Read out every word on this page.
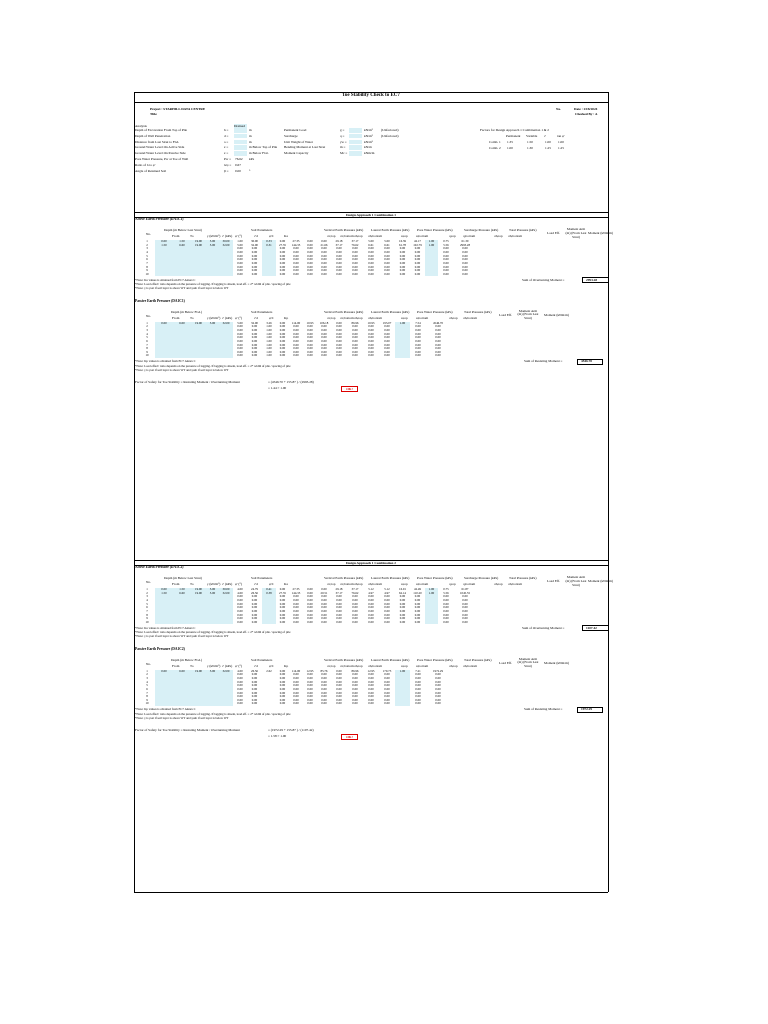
Toe Stability Check to EC7
Project : STARHILL DATA CENTRE
Title
No.	Date : 23/8/2024
Checked By : A
Analysis	Drained
Depth of Excavation From Top of Pile	h =	m
Depth of Wall Penetration	d =	m
Distance from Last Strut to FGL	a =	m
Ground Water Level On Active Side	z =	m Below Top of Pile
Ground Water Level On Passive Side	z =	m Below FGL
Pore Water Pressure, Pw at Toe of Wall	Pw = 76.62 kPa
Ratio of δ to φ'	δ/φ = 0.67
Angle of Retained Soil	β = 0.00 °
Permanent Load	g =	kN/m² (Unfactored)
Surcharge	q =	kN/m² (Unfactored)
Unit Weight of Water	γw =	kN/m³
Bending Moment at Last Strut	m =	kN/m
Moment Capacity	Mc =	kNm/m
Factors for Design Approach 1 Combination 1 & 2
Permanent Variable c'	tan φ'
Comb. 1 1.35	1.50	1.00 1.00
Comb. 2 1.00	1.30	1.25 1.25
Design Approach 1 Combination 1
Active Earth Pressure (DA1C1)
Depth (m Below Last Strut)	Soil Parameters	Vertical Earth Pressure (kPa) Lateral Earth Pressure (kPa) Pore Water Pressure (kPa)	Surcharge Pressure (kPa)	Total Pressure (kPa)
Load Eff.
Moment Arm (m) (From Last Strut)
Moment (kNm/m)
No.	From	To	γ (kN/m³) c' (kPa) φ' (°)	c'd	φ'd	Ka	σv,top σv,bottom σh,top σh,bottom	u,top u,bottom	q,top q,bottom	σh,top σh,bottom
1	0.00	1.50	19.00	5.00	30.00	1.00	30.00	0.33	0.00	27.35	0.00	0.00	29.18	37.17	5.00	5.00	16.39	42.17	1.00	0.75	61.30
2	1.50	6.60	19.00	5.00	32.00	5.00	32.00	0.31	27.35	144.35	0.00	21.66	37.17	76.62	6.61	6.61	61.78	102.79	1.00	5.56	2993.28
3						0.00	0.00		0.00	0.00	0.00	0.00	0.00	0.00	0.00	0.00	0.00	0.00		0.00	0.00
4						0.00	0.00		0.00	0.00	0.00	0.00	0.00	0.00	0.00	0.00	0.00	0.00		0.00	0.00
5						0.00	0.00		0.00	0.00	0.00	0.00	0.00	0.00	0.00	0.00	0.00	0.00		0.00	0.00
6						0.00	0.00		0.00	0.00	0.00	0.00	0.00	0.00	0.00	0.00	0.00	0.00		0.00	0.00
7						0.00	0.00		0.00	0.00	0.00	0.00	0.00	0.00	0.00	0.00	0.00	0.00		0.00	0.00
8						0.00	0.00		0.00	0.00	0.00	0.00	0.00	0.00	0.00	0.00	0.00	0.00		0.00	0.00
9						0.00	0.00		0.00	0.00	0.00	0.00	0.00	0.00	0.00	0.00	0.00	0.00		0.00	0.00
10						0.00	0.00		0.00	0.00	0.00	0.00	0.00	0.00	0.00	0.00	0.00	0.00		0.00	0.00
*Note: Ka values is obtained from EC7 Annex C
*Note: Load effect/ ratio depends on the presence of lagging. If lagging is absent, load eff. = 2* width of pile / spacing of pile
*Note: γ is γsat if soil layer is above WT and γsub if soil layer is below WT
Sum of Overturning Moment =	2993.28
Passive Earth Pressure (DA1C1)
Depth (m Below FGL)	Soil Parameters	Vertical Earth Pressure (kPa) Lateral Earth Pressure (kPa) Pore Water Pressure (kPa)	Total Pressure (kPa)
Load Eff.
Moment Arm (m) (From Last Strut)
Moment (kNm/m)
No.	From	To	γ (kN/m³) c' (kPa) φ' (°)	c'd	φ'd	Kp	σv,top σv,bottom σh,top σh,bottom	u,top u,bottom	σh,top σh,bottom
1	0.00	6.00	19.00	5.00	32.00	5.00	32.00	3.26	0.00	114.00	10.93	106.18	0.00	86.96	10.93	193.07	1.00	7.54	4546.70
2						0.00	0.00	1.00	0.00	0.00	0.00	0.00	0.00	0.00	0.00	0.00		0.00	0.00
3						0.00	0.00	1.00	0.00	0.00	0.00	0.00	0.00	0.00	0.00	0.00		0.00	0.00
4						0.00	0.00	1.00	0.00	0.00	0.00	0.00	0.00	0.00	0.00	0.00		0.00	0.00
5						0.00	0.00	1.00	0.00	0.00	0.00	0.00	0.00	0.00	0.00	0.00		0.00	0.00
6						0.00	0.00	1.00	0.00	0.00	0.00	0.00	0.00	0.00	0.00	0.00		0.00	0.00
7						0.00	0.00	1.00	0.00	0.00	0.00	0.00	0.00	0.00	0.00	0.00		0.00	0.00
8						0.00	0.00	1.00	0.00	0.00	0.00	0.00	0.00	0.00	0.00	0.00		0.00	0.00
9						0.00	0.00	1.00	0.00	0.00	0.00	0.00	0.00	0.00	0.00	0.00		0.00	0.00
10						0.00	0.00	1.00	0.00	0.00	0.00	0.00	0.00	0.00	0.00	0.00		0.00	0.00
*Note: Kp values is obtained from EC7 Annex C
*Note: Load effect/ ratio depends on the presence of lagging. If lagging is absent, load eff. = 2* width of pile / spacing of pile
*Note: γ is γsat if soil layer is above WT and γsub if soil layer is below WT
Sum of Resisting Moment =	4546.70
Factor of Safety for Toe Stability = Resisting Moment / Overturning Moment	= (4546.70 + 155.87 ) / (2993.28)
= 1.44 > 1.00	OK!
Design Approach 1 Combination 2
Active Earth Pressure (DA1C2)
Depth (m Below Last Strut)	Soil Parameters	Vertical Earth Pressure (kPa) Lateral Earth Pressure (kPa) Pore Water Pressure (kPa)	Surcharge Pressure (kPa)	Total Pressure (kPa)
Load Eff.
Moment Arm (m) (From Last Strut)
Moment (kNm/m)
No.	From	To	γ (kN/m³) c' (kPa) φ' (°)	c'd	φ'd	Ka	σv,top σv,bottom σh,top σh,bottom	u,top u,bottom	q,top q,bottom	σh,top σh,bottom
1	0.00	1.50	19.00	5.00	30.00	4.00	24.79	0.41	0.00	27.35	0.00	0.00	29.18	37.17	5.12	5.12	16.91	42.49	1.00	0.75	61.87
2	1.50	6.60	19.00	5.00	32.00	4.00	26.56	0.38	27.35	144.35	0.00	20.51	37.17	76.62	4.97	4.97	62.14	110.20	1.00	5.56	1045.55
3						0.00	0.00		0.00	0.00	0.00	0.00	0.00	0.00	0.00	0.00	0.00	0.00		0.00	0.00
4						0.00	0.00		0.00	0.00	0.00	0.00	0.00	0.00	0.00	0.00	0.00	0.00		0.00	0.00
5						0.00	0.00		0.00	0.00	0.00	0.00	0.00	0.00	0.00	0.00	0.00	0.00		0.00	0.00
6						0.00	0.00		0.00	0.00	0.00	0.00	0.00	0.00	0.00	0.00	0.00	0.00		0.00	0.00
7						0.00	0.00		0.00	0.00	0.00	0.00	0.00	0.00	0.00	0.00	0.00	0.00		0.00	0.00
8						0.00	0.00		0.00	0.00	0.00	0.00	0.00	0.00	0.00	0.00	0.00	0.00		0.00	0.00
9						0.00	0.00		0.00	0.00	0.00	0.00	0.00	0.00	0.00	0.00	0.00	0.00		0.00	0.00
10						0.00	0.00		0.00	0.00	0.00	0.00	0.00	0.00	0.00	0.00	0.00	0.00		0.00	0.00
*Note: Ka values is obtained from EC7 Annex C
*Note: Load effect/ ratio depends on the presence of lagging. If lagging is absent, load eff. = 2* width of pile / spacing of pile
*Note: γ is γsat if soil layer is above WT and γsub if soil layer is below WT
Sum of Overturning Moment =	1107.42
Passive Earth Pressure (DA1C2)
Depth (m Below FGL)	Soil Parameters	Vertical Earth Pressure (kPa) Lateral Earth Pressure (kPa) Pore Water Pressure (kPa)	Total Pressure (kPa)
Load Eff.
Moment Arm (m) (From Last Strut)
Moment (kNm/m)
No.	From	To	γ (kN/m³) c' (kPa) φ' (°)	c'd	φ'd	Kp	σv,top σv,bottom σh,top σh,bottom	u,top u,bottom	σh,top σh,bottom
1	0.00	6.00	19.00	5.00	32.00	4.00	26.56	2.62	0.00	114.00	12.95	85.76	0.00	86.96	12.95	170.73	1.00	7.21	1972.29
2						0.00	0.00		0.00	0.00	0.00	0.00	0.00	0.00	0.00	0.00		0.00	0.00
3						0.00	0.00		0.00	0.00	0.00	0.00	0.00	0.00	0.00	0.00		0.00	0.00
4						0.00	0.00		0.00	0.00	0.00	0.00	0.00	0.00	0.00	0.00		0.00	0.00
5						0.00	0.00		0.00	0.00	0.00	0.00	0.00	0.00	0.00	0.00		0.00	0.00
6						0.00	0.00		0.00	0.00	0.00	0.00	0.00	0.00	0.00	0.00		0.00	0.00
7						0.00	0.00		0.00	0.00	0.00	0.00	0.00	0.00	0.00	0.00		0.00	0.00
8						0.00	0.00		0.00	0.00	0.00	0.00	0.00	0.00	0.00	0.00		0.00	0.00
9						0.00	0.00		0.00	0.00	0.00	0.00	0.00	0.00	0.00	0.00		0.00	0.00
10						0.00	0.00		0.00	0.00	0.00	0.00	0.00	0.00	0.00	0.00		0.00	0.00
*Note: Kp values is obtained from EC7 Annex C
*Note: Load effect/ ratio depends on the presence of lagging. If lagging is absent, load eff. = 2* width of pile / spacing of pile
*Note: γ is γsat if soil layer is above WT and γsub if soil layer is below WT
Sum of Resisting Moment =	1972.29
Factor of Safety for Toe Stability = Resisting Moment / Overturning Moment	= (1972.29 + 155.87 ) / (1107.42)
= 1.58 > 1.00	OK!
